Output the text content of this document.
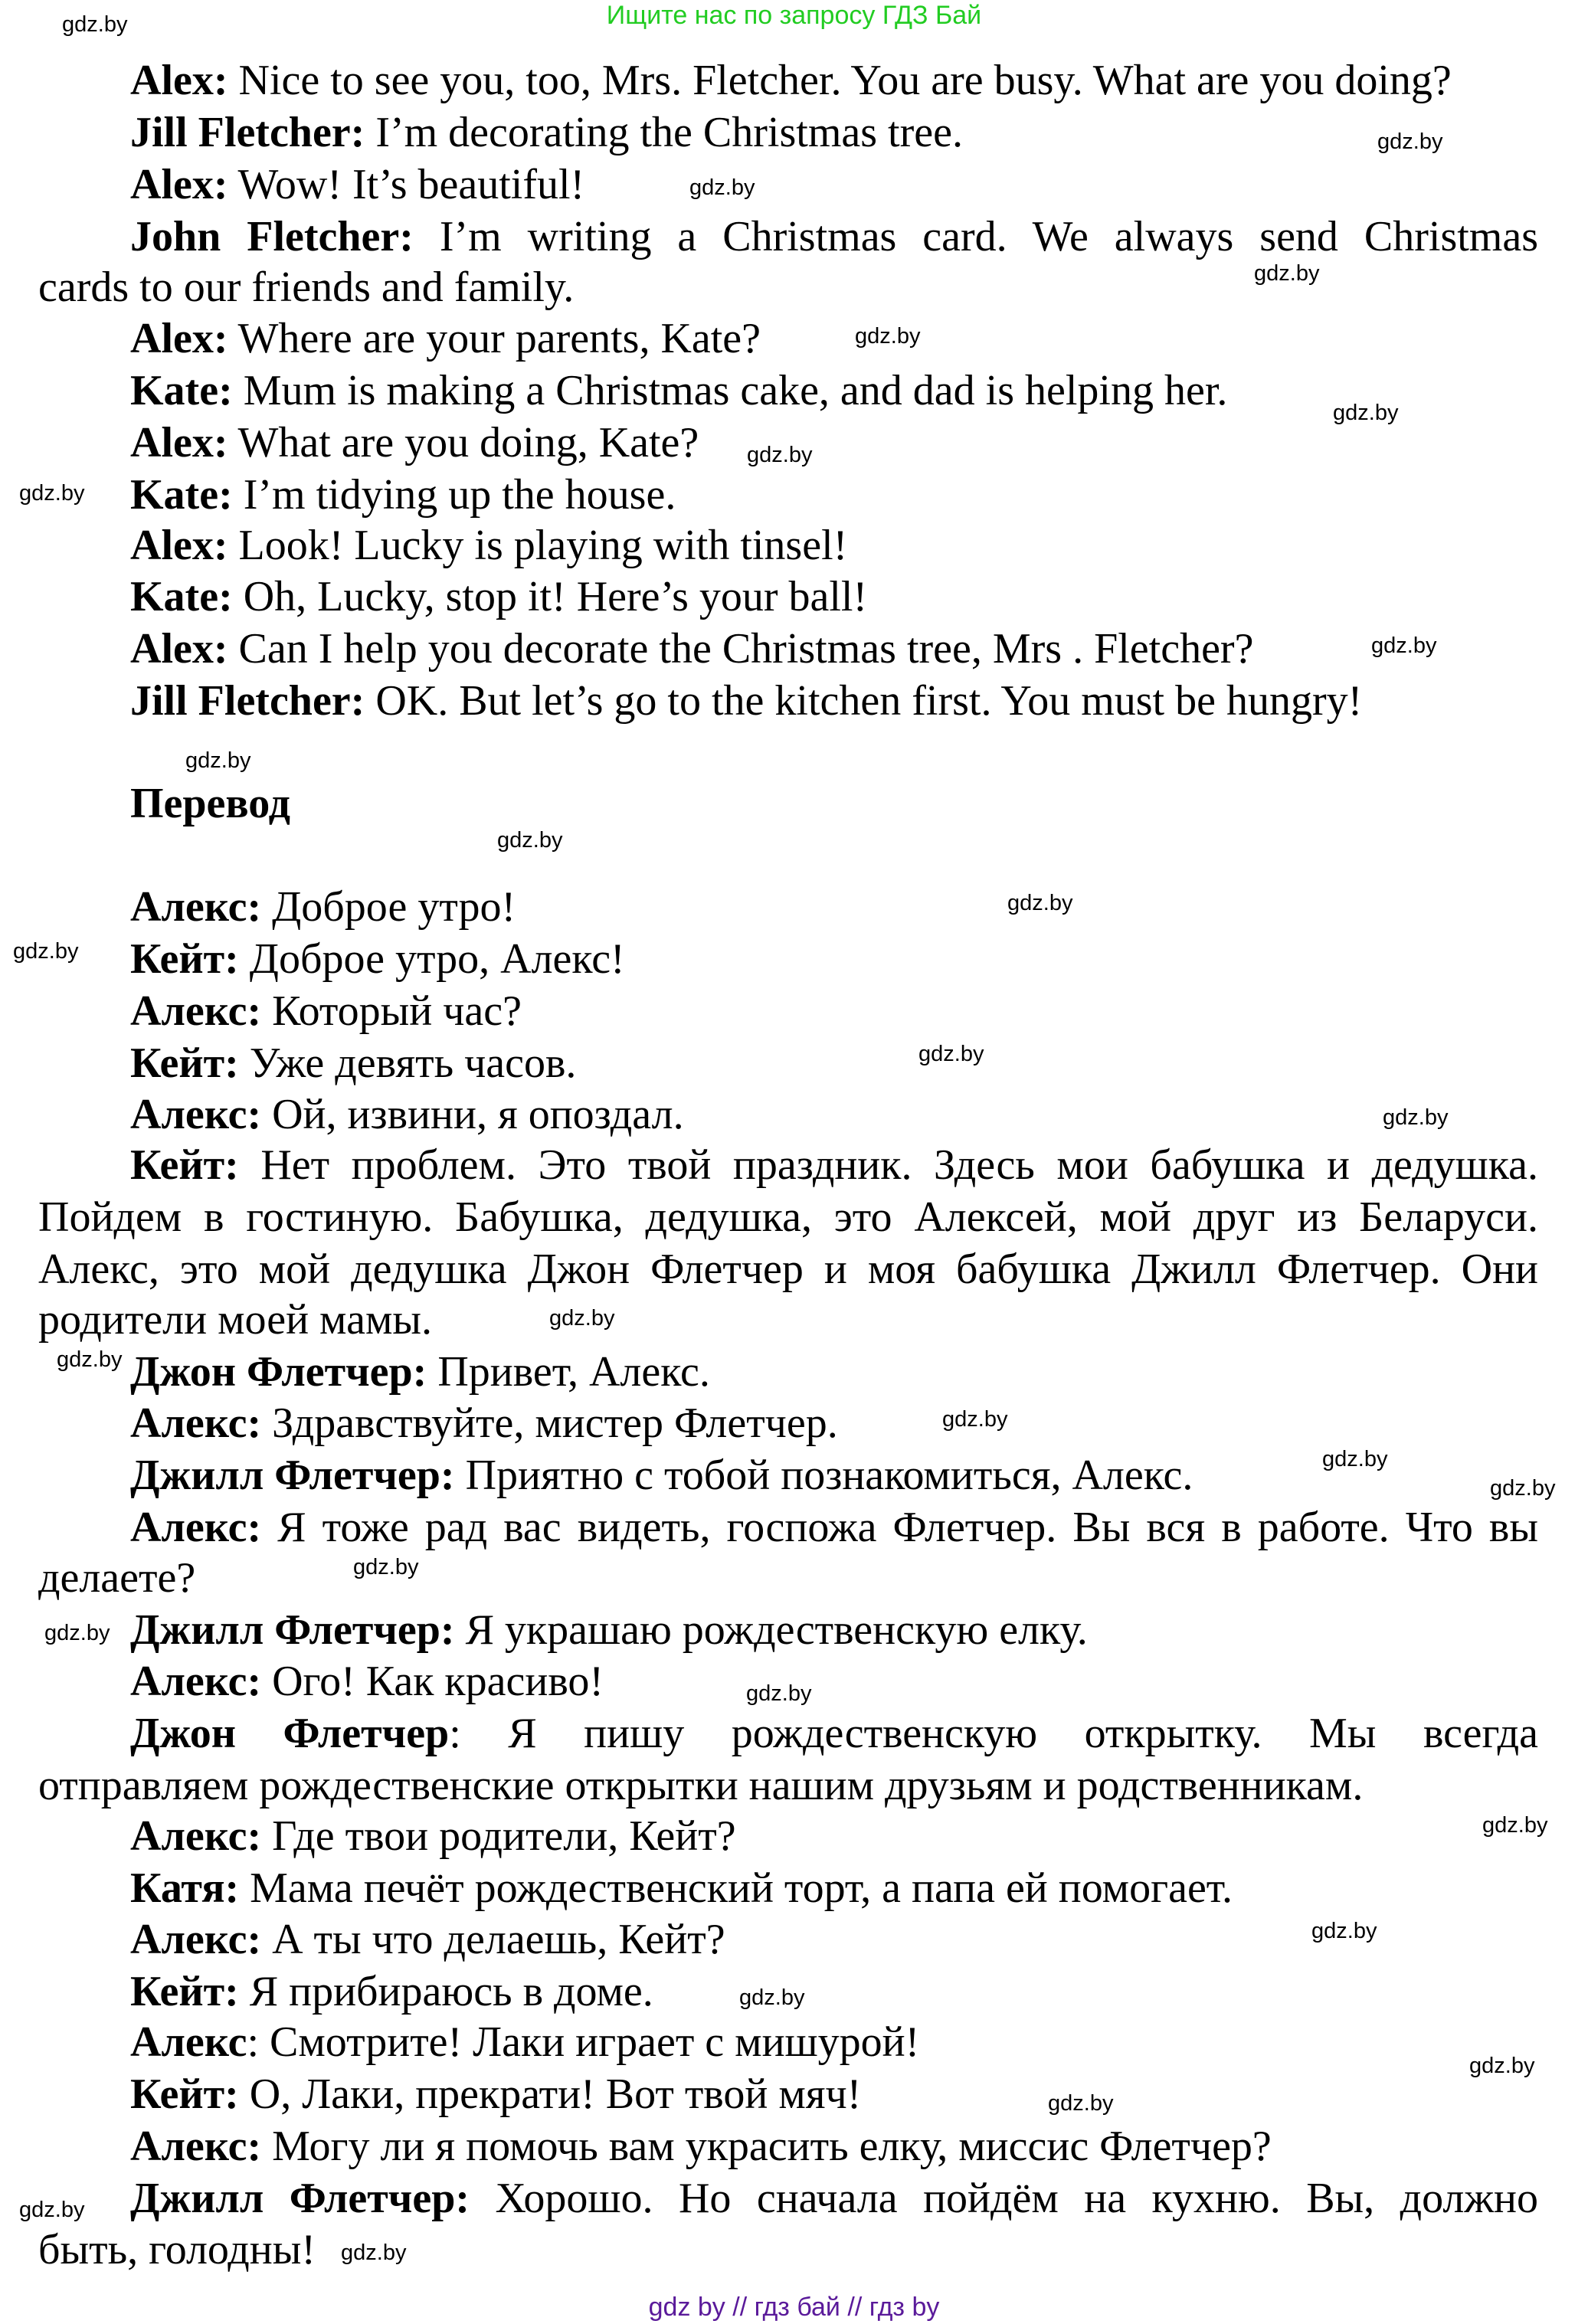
Ищите нас по запросу ГДЗ Бай
Alex: Nice to see you, too, Mrs. Fletcher. You are busy. What are you doing?
Jill Fletcher: I’m decorating the Christmas tree.
Alex: Wow! It’s beautiful!
John Fletcher: I’m writing a Christmas card. We always send Christmas
cards to our friends and family.
Alex: Where are your parents, Kate?
Kate: Mum is making a Christmas cake, and dad is helping her.
Alex: What are you doing, Kate?
Kate: I’m tidying up the house.
Alex: Look! Lucky is playing with tinsel!
Kate: Oh, Lucky, stop it! Here’s your ball!
Alex: Can I help you decorate the Christmas tree, Mrs . Fletcher?
Jill Fletcher: OK. But let’s go to the kitchen first. You must be hungry!
Перевод
Алекс: Доброе утро!
Кейт: Доброе утро, Алекс!
Алекс: Который час?
Кейт: Уже девять часов.
Алекс: Ой, извини, я опоздал.
Кейт: Нет проблем. Это твой праздник. Здесь мои бабушка и дедушка.
Пойдем в гостиную. Бабушка, дедушка, это Алексей, мой друг из Беларуси.
Алекс, это мой дедушка Джон Флетчер и моя бабушка Джилл Флетчер. Они
родители моей мамы.
Джон Флетчер: Привет, Алекс.
Алекс: Здравствуйте, мистер Флетчер.
Джилл Флетчер: Приятно с тобой познакомиться, Алекс.
Алекс: Я тоже рад вас видеть, госпожа Флетчер. Вы вся в работе. Что вы
делаете?
Джилл Флетчер: Я украшаю рождественскую елку.
Алекс: Ого! Как красиво!
Джон Флетчер: Я пишу рождественскую открытку. Мы всегда
отправляем рождественские открытки нашим друзьям и родственникам.
Алекс: Где твои родители, Кейт?
Катя: Мама печёт рождественский торт, а папа ей помогает.
Алекс: А ты что делаешь, Кейт?
Кейт: Я прибираюсь в доме.
Алекс: Смотрите! Лаки играет с мишурой!
Кейт: О, Лаки, прекрати! Вот твой мяч!
Алекс: Могу ли я помочь вам украсить елку, миссис Флетчер?
Джилл Флетчер: Хорошо. Но сначала пойдём на кухню. Вы, должно
быть, голодны!
gdz.by
gdz.by
gdz.by
gdz.by
gdz.by
gdz.by
gdz.by
gdz.by
gdz.by
gdz.by
gdz.by
gdz.by
gdz.by
gdz.by
gdz.by
gdz.by
gdz.by
gdz.by
gdz.by
gdz.by
gdz.by
gdz.by
gdz.by
gdz.by
gdz.by
gdz.by
gdz.by
gdz.by
gdz.by
gdz.by
gdz by // гдз бай // гдз by
